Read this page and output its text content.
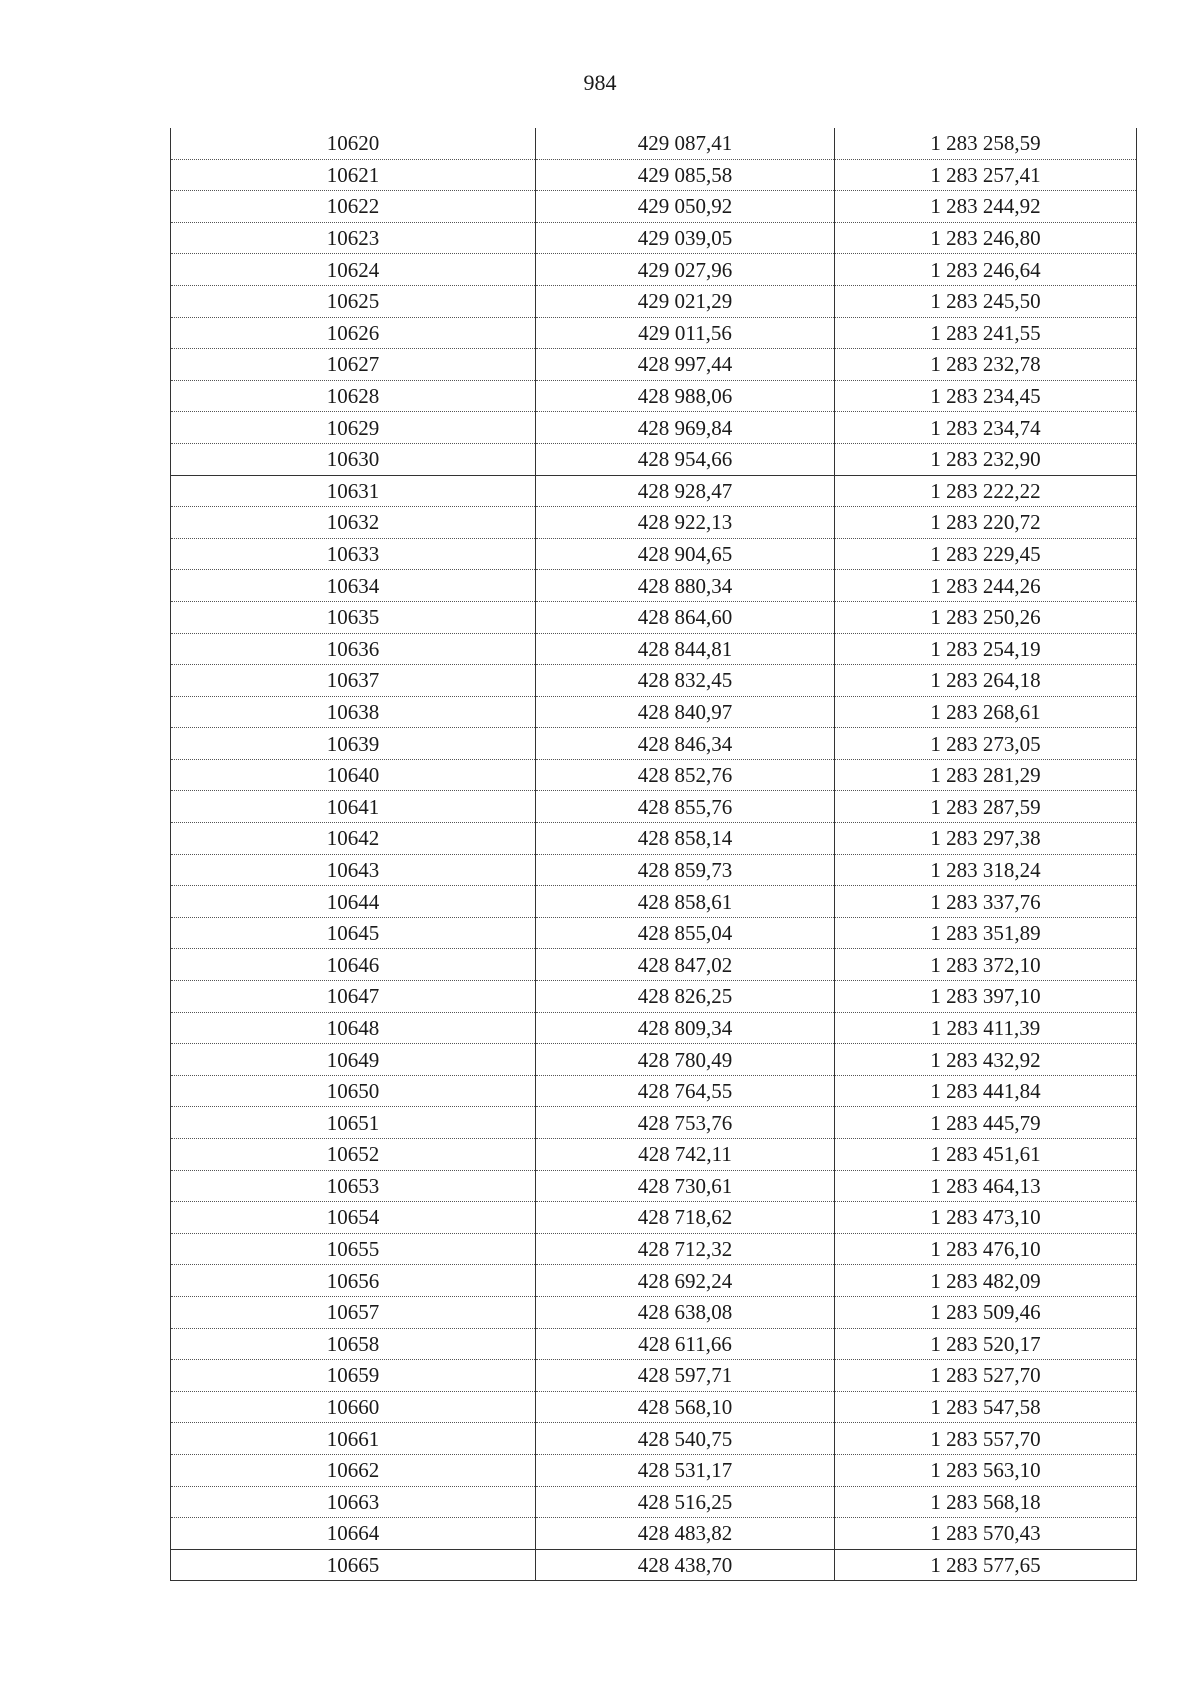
984
10620	429 087,41	1 283 258,59
10621	429 085,58	1 283 257,41
10622	429 050,92	1 283 244,92
10623	429 039,05	1 283 246,80
10624	429 027,96	1 283 246,64
10625	429 021,29	1 283 245,50
10626	429 011,56	1 283 241,55
10627	428 997,44	1 283 232,78
10628	428 988,06	1 283 234,45
10629	428 969,84	1 283 234,74
10630	428 954,66	1 283 232,90
10631	428 928,47	1 283 222,22
10632	428 922,13	1 283 220,72
10633	428 904,65	1 283 229,45
10634	428 880,34	1 283 244,26
10635	428 864,60	1 283 250,26
10636	428 844,81	1 283 254,19
10637	428 832,45	1 283 264,18
10638	428 840,97	1 283 268,61
10639	428 846,34	1 283 273,05
10640	428 852,76	1 283 281,29
10641	428 855,76	1 283 287,59
10642	428 858,14	1 283 297,38
10643	428 859,73	1 283 318,24
10644	428 858,61	1 283 337,76
10645	428 855,04	1 283 351,89
10646	428 847,02	1 283 372,10
10647	428 826,25	1 283 397,10
10648	428 809,34	1 283 411,39
10649	428 780,49	1 283 432,92
10650	428 764,55	1 283 441,84
10651	428 753,76	1 283 445,79
10652	428 742,11	1 283 451,61
10653	428 730,61	1 283 464,13
10654	428 718,62	1 283 473,10
10655	428 712,32	1 283 476,10
10656	428 692,24	1 283 482,09
10657	428 638,08	1 283 509,46
10658	428 611,66	1 283 520,17
10659	428 597,71	1 283 527,70
10660	428 568,10	1 283 547,58
10661	428 540,75	1 283 557,70
10662	428 531,17	1 283 563,10
10663	428 516,25	1 283 568,18
10664	428 483,82	1 283 570,43
10665	428 438,70	1 283 577,65
